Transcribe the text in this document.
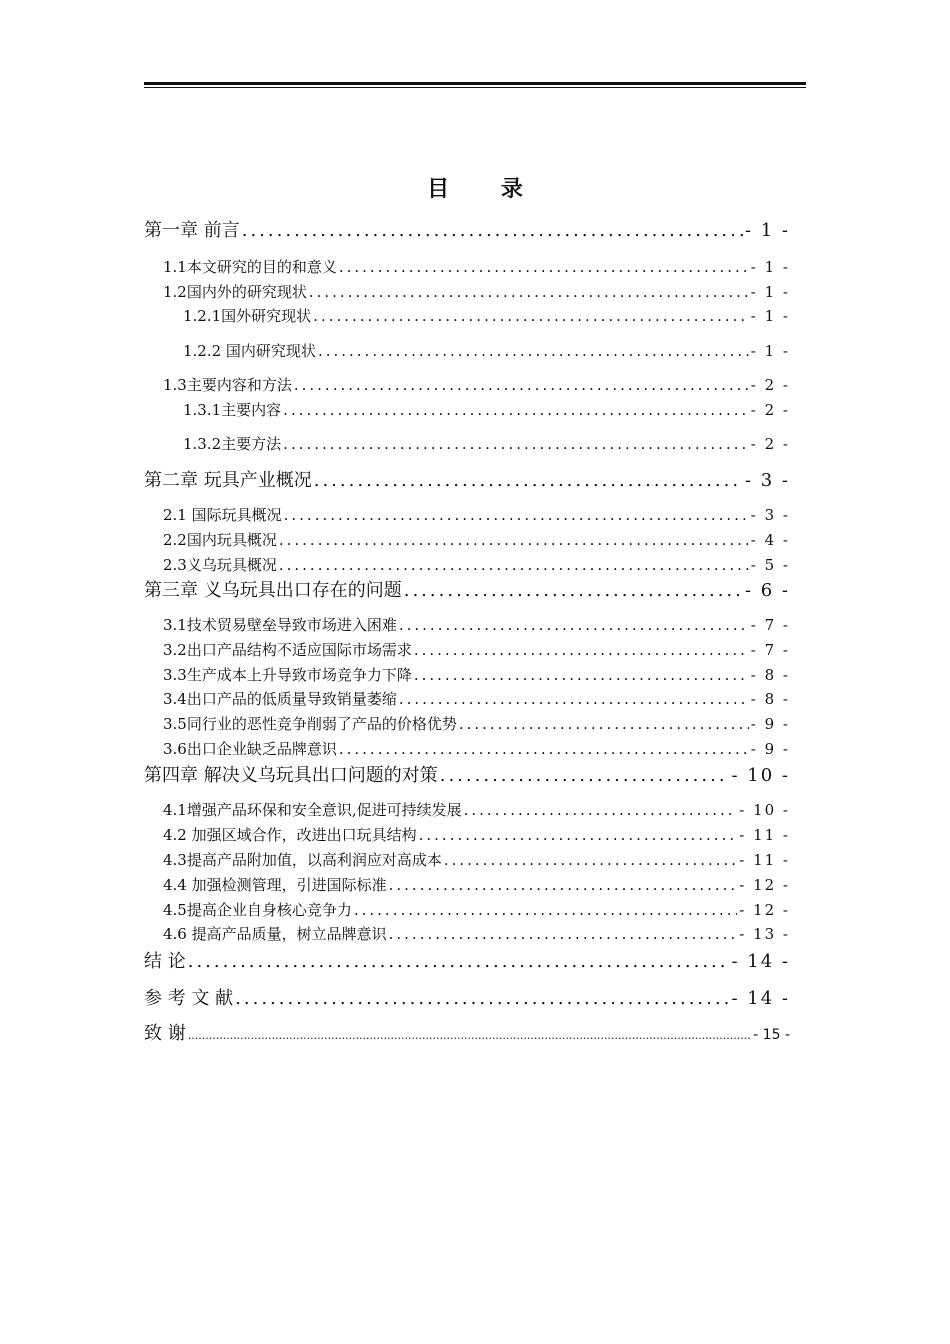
目 录
第一章 前言 .....	- 1 -
1.1本文研究的目的和意义 .....	- 1 -
1.2国内外的研究现状 .....	- 1 -
1.2.1国外研究现状 .....	- 1 -
1.2.2 国内研究现状 .....	- 1 -
1.3主要内容和方法 .....	- 2 -
1.3.1主要内容 .....	- 2 -
1.3.2主要方法 .....	- 2 -
第二章 玩具产业概况 .....	- 3 -
2.1 国际玩具概况 .....	- 3 -
2.2国内玩具概况 .....	- 4 -
2.3义乌玩具概况 .....	- 5 -
第三章 义乌玩具出口存在的问题 .....	- 6 -
3.1技术贸易壁垒导致市场进入困难 .....	- 7 -
3.2出口产品结构不适应国际市场需求 .....	- 7 -
3.3生产成本上升导致市场竞争力下降 .....	- 8 -
3.4出口产品的低质量导致销量萎缩 .....	- 8 -
3.5同行业的恶性竞争削弱了产品的价格优势 .....	- 9 -
3.6出口企业缺乏品牌意识 .....	- 9 -
第四章 解决义乌玩具出口问题的对策 .....	- 10 -
4.1增强产品环保和安全意识,促进可持续发展 .....	- 10 -
4.2 加强区域合作，改进出口玩具结构 .....	- 11 -
4.3提高产品附加值，以高利润应对高成本 .....	- 11 -
4.4 加强检测管理，引进国际标准 .....	- 12 -
4.5提高企业自身核心竞争力 .....	- 12 -
4.6 提高产品质量，树立品牌意识 .....	- 13 -
结 论 .....	- 14 -
参 考 文 献 .....	- 14 -
致 谢 .....	- 15 -
